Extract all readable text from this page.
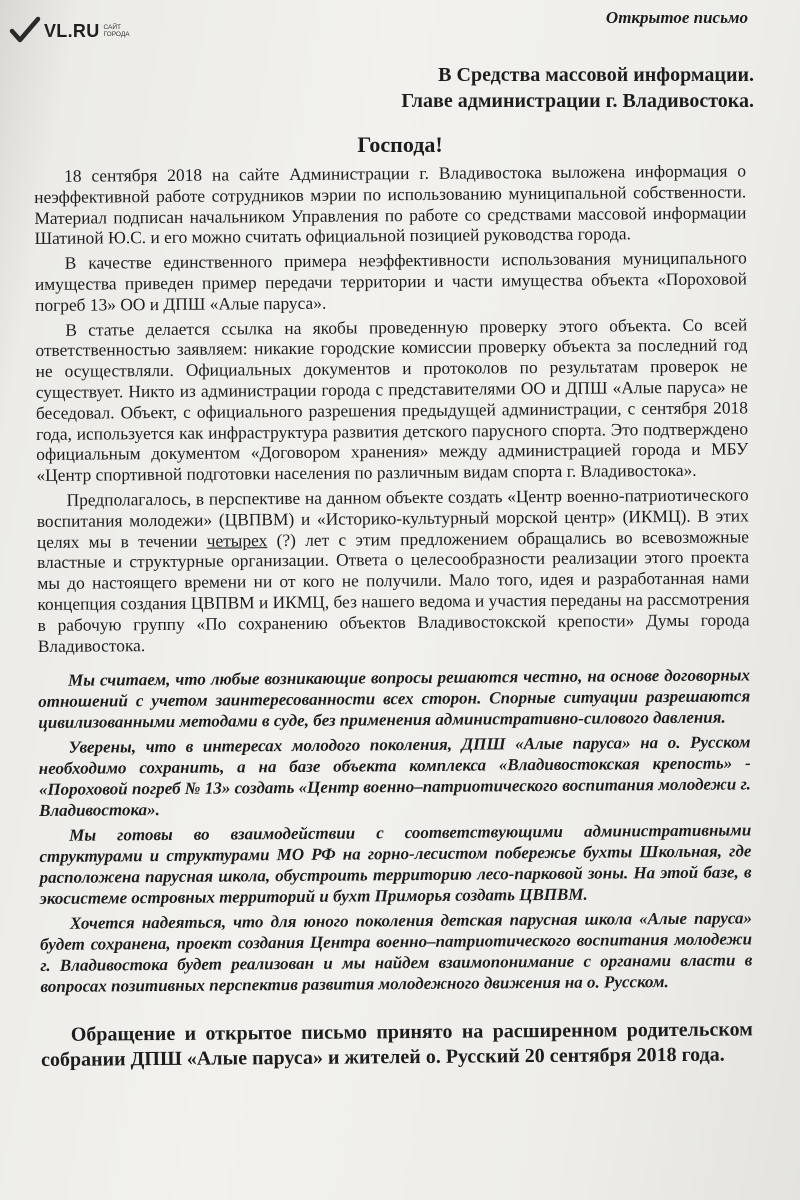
VL.RU САЙТ ГОРОДА
Открытое письмо
В Средства массовой информации.
Главе администрации г. Владивостока.
Господа!

18 сентября 2018 на сайте Администрации г. Владивостока выложена информация о неэффективной работе сотрудников мэрии по использованию муниципальной собственности. Материал подписан начальником Управления по работе со средствами массовой информации Шатиной Ю.С. и его можно считать официальной позицией руководства города.

В качестве единственного примера неэффективности использования муниципального имущества приведен пример передачи территории и части имущества объекта «Пороховой погреб 13» ОО и ДПШ «Алые паруса».

В статье делается ссылка на якобы проведенную проверку этого объекта. Со всей ответственностью заявляем: никакие городские комиссии проверку объекта за последний год не осуществляли. Официальных документов и протоколов по результатам проверок не существует. Никто из администрации города с представителями ОО и ДПШ «Алые паруса» не беседовал. Объект, с официального разрешения предыдущей администрации, с сентября 2018 года, используется как инфраструктура развития детского парусного спорта. Это подтверждено официальным документом «Договором хранения» между администрацией города и МБУ «Центр спортивной подготовки населения по различным видам спорта г. Владивостока».

Предполагалось, в перспективе на данном объекте создать «Центр военно-патриотического воспитания молодежи» (ЦВПВМ) и «Историко-культурный морской центр» (ИКМЦ). В этих целях мы в течении четырех (?) лет с этим предложением обращались во всевозможные властные и структурные организации. Ответа о целесообразности реализации этого проекта мы до настоящего времени ни от кого не получили. Мало того, идея и разработанная нами концепция создания ЦВПВМ и ИКМЦ, без нашего ведома и участия переданы на рассмотрения в рабочую группу «По сохранению объектов Владивостокской крепости» Думы города Владивостока.

Мы считаем, что любые возникающие вопросы решаются честно, на основе договорных отношений с учетом заинтересованности всех сторон. Спорные ситуации разрешаются цивилизованными методами в суде, без применения административно-силового давления.

Уверены, что в интересах молодого поколения, ДПШ «Алые паруса» на о. Русском необходимо сохранить, а на базе объекта комплекса «Владивостокская крепость» - «Пороховой погреб № 13» создать «Центр военно–патриотического воспитания молодежи г. Владивостока».

Мы готовы во взаимодействии с соответствующими административными структурами и структурами МО РФ на горно-лесистом побережье бухты Школьная, где расположена парусная школа, обустроить территорию лесо-парковой зоны. На этой базе, в экосистеме островных территорий и бухт Приморья создать ЦВПВМ.

Хочется надеяться, что для юного поколения детская парусная школа «Алые паруса» будет сохранена, проект создания Центра военно–патриотического воспитания молодежи г. Владивостока будет реализован и мы найдем взаимопонимание с органами власти в вопросах позитивных перспектив развития молодежного движения на о. Русском.

Обращение и открытое письмо принято на расширенном родительском собрании ДПШ «Алые паруса» и жителей о. Русский 20 сентября 2018 года.
